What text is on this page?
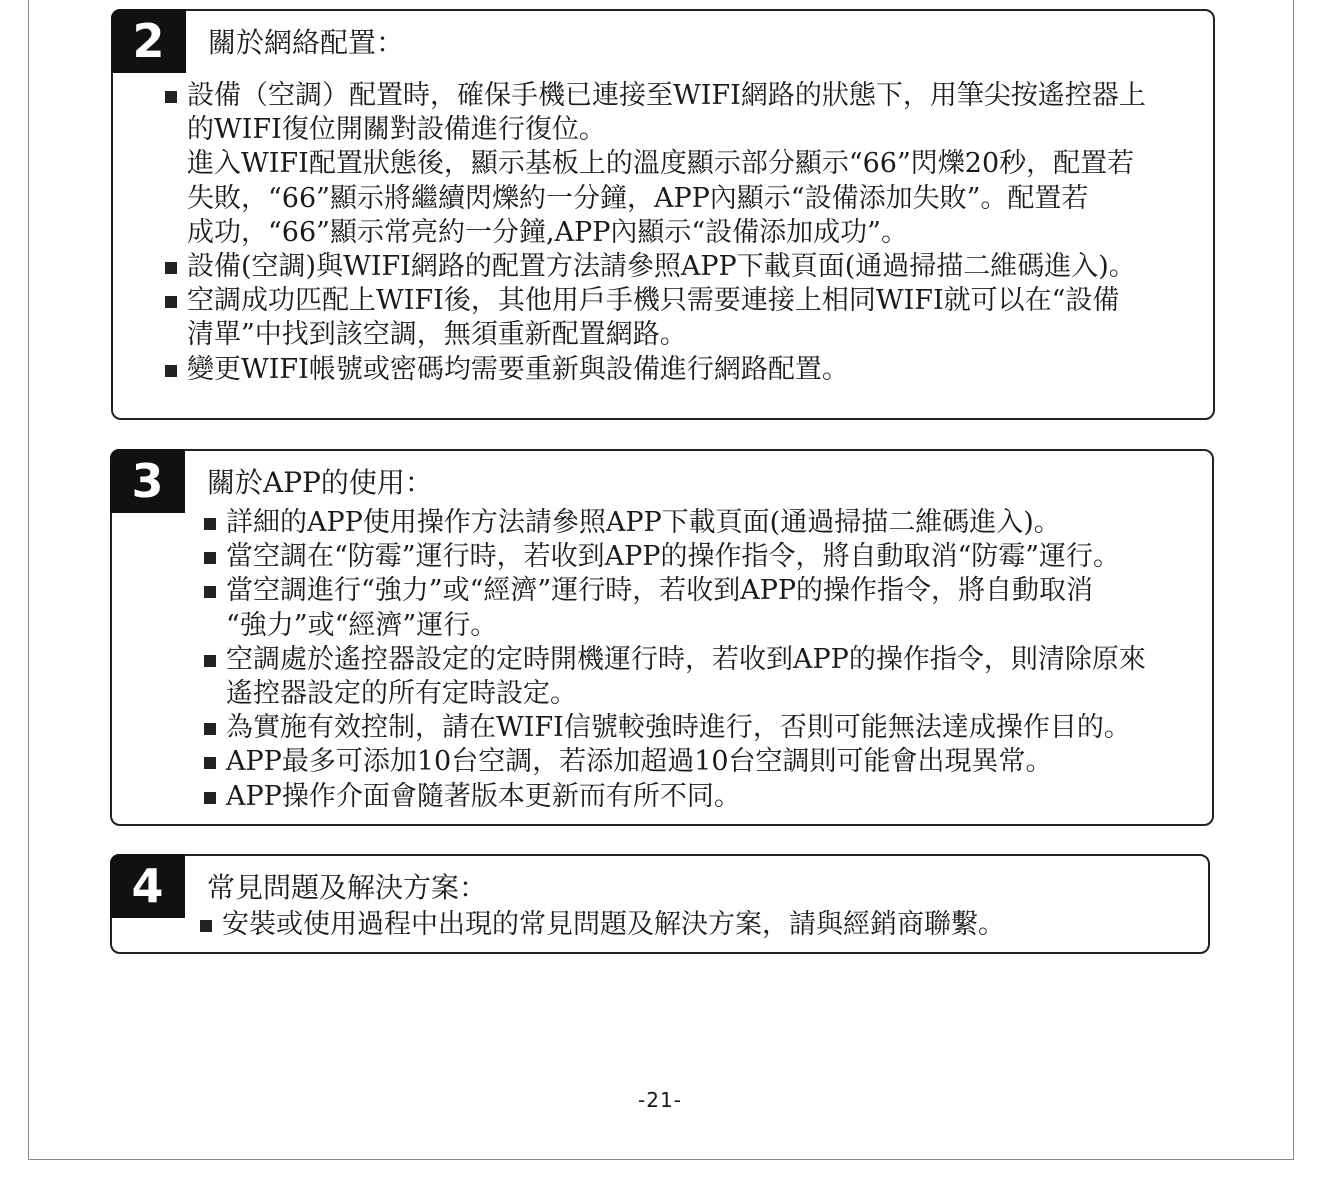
2	關於網絡配置：
設備（空調）配置時，確保手機已連接至WIFI網路的狀態下，用筆尖按遙控器上
的WIFI復位開關對設備進行復位。
進入WIFI配置狀態後，顯示基板上的溫度顯示部分顯示“66”閃爍20秒，配置若
失敗，“66”顯示將繼續閃爍約一分鐘，APP內顯示“設備添加失敗”。配置若
成功，“66”顯示常亮約一分鐘,APP內顯示“設備添加成功”。
設備(空調)與WIFI網路的配置方法請參照APP下載頁面(通過掃描二維碼進入)。
空調成功匹配上WIFI後，其他用戶手機只需要連接上相同WIFI就可以在“設備
清單”中找到該空調，無須重新配置網路。
變更WIFI帳號或密碼均需要重新與設備進行網路配置。
3	關於APP的使用：
詳細的APP使用操作方法請參照APP下載頁面(通過掃描二維碼進入)。
當空調在“防霉”運行時，若收到APP的操作指令，將自動取消“防霉”運行。
當空調進行“強力”或“經濟”運行時，若收到APP的操作指令，將自動取消
“強力”或“經濟”運行。
空調處於遙控器設定的定時開機運行時，若收到APP的操作指令，則清除原來
遙控器設定的所有定時設定。
為實施有效控制，請在WIFI信號較強時進行，否則可能無法達成操作目的。
APP最多可添加10台空調，若添加超過10台空調則可能會出現異常。
APP操作介面會隨著版本更新而有所不同。
4	常見問題及解決方案：
安裝或使用過程中出現的常見問題及解決方案，請與經銷商聯繫。
-21-
